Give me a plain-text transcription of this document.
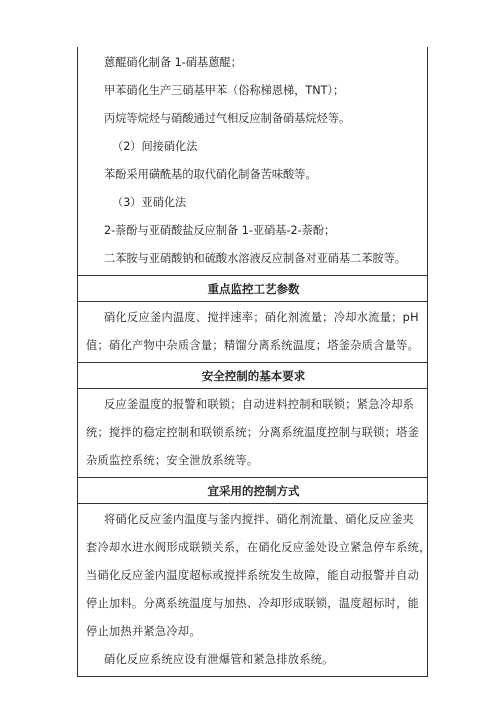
蒽醌硝化制备 1-硝基蒽醌；
甲苯硝化生产三硝基甲苯（俗称梯恩梯，TNT）；
丙烷等烷烃与硝酸通过气相反应制备硝基烷烃等。
（2）间接硝化法
苯酚采用磺酰基的取代硝化制备苦味酸等。
（3）亚硝化法
2-萘酚与亚硝酸盐反应制备 1-亚硝基-2-萘酚；
二苯胺与亚硝酸钠和硫酸水溶液反应制备对亚硝基二苯胺等。
重点监控工艺参数
硝化反应釜内温度、搅拌速率；硝化剂流量；冷却水流量；pH
值；硝化产物中杂质含量；精馏分离系统温度；塔釜杂质含量等。
安全控制的基本要求
反应釜温度的报警和联锁；自动进料控制和联锁；紧急冷却系
统；搅拌的稳定控制和联锁系统；分离系统温度控制与联锁；塔釜
杂质监控系统；安全泄放系统等。
宜采用的控制方式
将硝化反应釜内温度与釜内搅拌、硝化剂流量、硝化反应釜夹
套冷却水进水阀形成联锁关系，在硝化反应釜处设立紧急停车系统，
当硝化反应釜内温度超标或搅拌系统发生故障，能自动报警并自动
停止加料。分离系统温度与加热、冷却形成联锁，温度超标时，能
停止加热并紧急冷却。
硝化反应系统应设有泄爆管和紧急排放系统。
